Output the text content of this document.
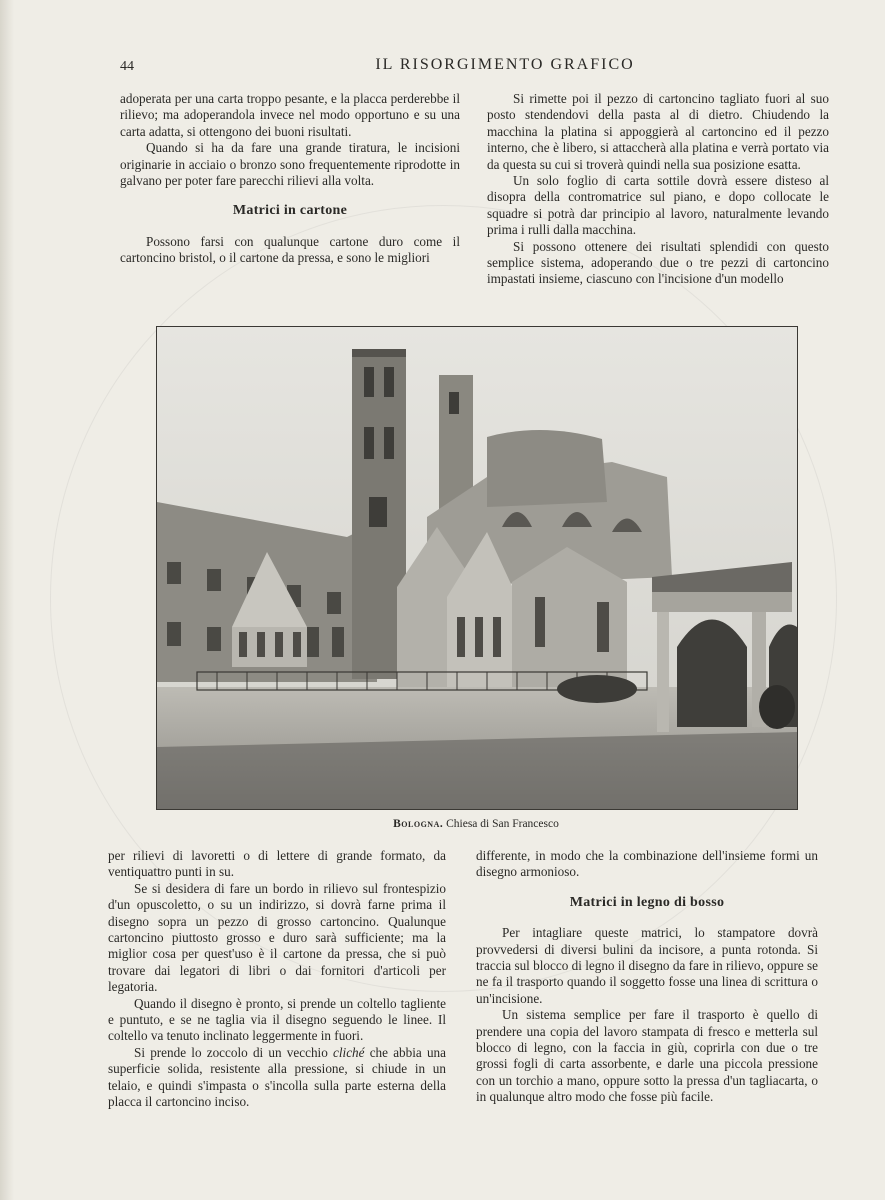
44	IL RISORGIMENTO GRAFICO

adoperata per una carta troppo pesante, e la placca perderebbe il rilievo; ma adoperandola invece nel modo opportuno e su una carta adatta, si ottengono dei buoni risultati.

Quando si ha da fare una grande tiratura, le incisioni originarie in acciaio o bronzo sono frequentemente riprodotte in galvano per poter fare parecchi rilievi alla volta.

Matrici in cartone

Possono farsi con qualunque cartone duro come il cartoncino bristol, o il cartone da pressa, e sono le migliori

Si rimette poi il pezzo di cartoncino tagliato fuori al suo posto stendendovi della pasta al di dietro. Chiudendo la macchina la platina si appoggierà al cartoncino ed il pezzo interno, che è libero, si attaccherà alla platina e verrà portato via da questa su cui si troverà quindi nella sua posizione esatta.

Un solo foglio di carta sottile dovrà essere disteso al disopra della contromatrice sul piano, e dopo collocate le squadre si potrà dar principio al lavoro, naturalmente levando prima i rulli dalla macchina.

Si possono ottenere dei risultati splendidi con questo semplice sistema, adoperando due o tre pezzi di cartoncino impastati insieme, ciascuno con l'incisione d'un modello

Bologna. Chiesa di San Francesco

per rilievi di lavoretti o di lettere di grande formato, da ventiquattro punti in su.

Se si desidera di fare un bordo in rilievo sul frontespizio d'un opuscoletto, o su un indirizzo, si dovrà farne prima il disegno sopra un pezzo di grosso cartoncino. Qualunque cartoncino piuttosto grosso e duro sarà sufficiente; ma la miglior cosa per quest'uso è il cartone da pressa, che si può trovare dai legatori di libri o dai fornitori d'articoli per legatoria.

Quando il disegno è pronto, si prende un coltello tagliente e puntuto, e se ne taglia via il disegno seguendo le linee. Il coltello va tenuto inclinato leggermente in fuori.

Si prende lo zoccolo di un vecchio cliché che abbia una superficie solida, resistente alla pressione, si chiude in un telaio, e quindi s'impasta o s'incolla sulla parte esterna della placca il cartoncino inciso.

differente, in modo che la combinazione dell'insieme formi un disegno armonioso.

Matrici in legno di bosso

Per intagliare queste matrici, lo stampatore dovrà provvedersi di diversi bulini da incisore, a punta rotonda. Si traccia sul blocco di legno il disegno da fare in rilievo, oppure se ne fa il trasporto quando il soggetto fosse una linea di scrittura o un'incisione.

Un sistema semplice per fare il trasporto è quello di prendere una copia del lavoro stampata di fresco e metterla sul blocco di legno, con la faccia in giù, coprirla con due o tre grossi fogli di carta assorbente, e darle una piccola pressione con un torchio a mano, oppure sotto la pressa d'un tagliacarta, o in qualunque altro modo che fosse più facile.
